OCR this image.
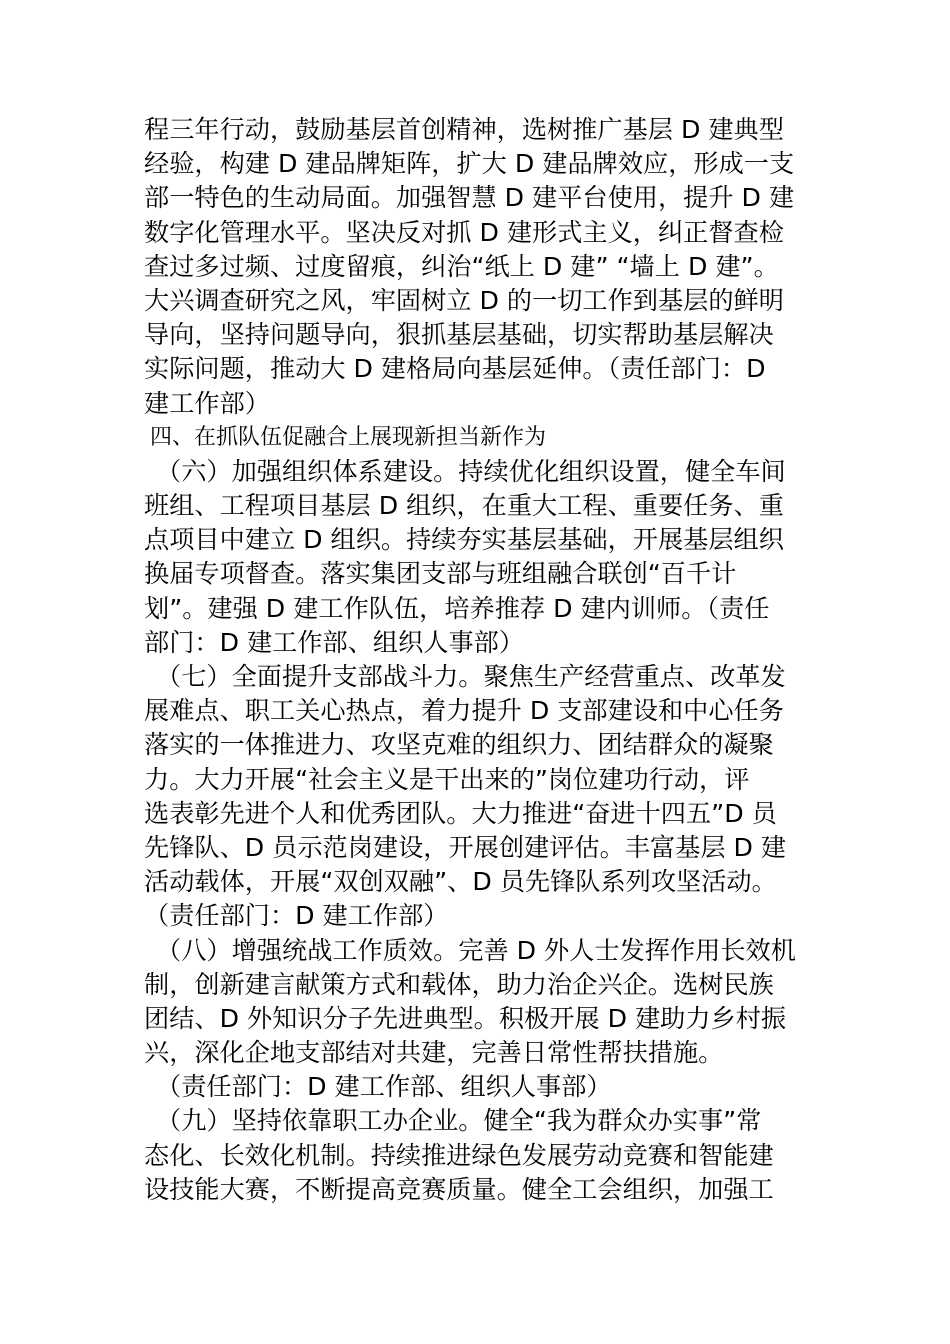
程三年行动，鼓励基层首创精神，选树推广基层 D 建典型
经验，构建 D 建品牌矩阵，扩大 D 建品牌效应，形成一支
部一特色的生动局面。加强智慧 D 建平台使用，提升 D 建
数字化管理水平。坚决反对抓 D 建形式主义，纠正督查检
查过多过频、过度留痕，纠治“纸上 D 建” “墙上 D 建”。
大兴调查研究之风，牢固树立 D 的一切工作到基层的鲜明
导向，坚持问题导向，狠抓基层基础，切实帮助基层解决
实际问题，推动大 D 建格局向基层延伸。（责任部门：D
建工作部）
四、在抓队伍促融合上展现新担当新作为
（六）加强组织体系建设。持续优化组织设置，健全车间
班组、工程项目基层 D 组织，在重大工程、重要任务、重
点项目中建立 D 组织。持续夯实基层基础，开展基层组织
换届专项督查。落实集团支部与班组融合联创“百千计
划”。建强 D 建工作队伍，培养推荐 D 建内训师。（责任
部门：D 建工作部、组织人事部）
（七）全面提升支部战斗力。聚焦生产经营重点、改革发
展难点、职工关心热点，着力提升 D 支部建设和中心任务
落实的一体推进力、攻坚克难的组织力、团结群众的凝聚
力。大力开展“社会主义是干出来的”岗位建功行动，评
选表彰先进个人和优秀团队。大力推进“奋进十四五”D 员
先锋队、D 员示范岗建设，开展创建评估。丰富基层 D 建
活动载体，开展“双创双融”、D 员先锋队系列攻坚活动。
（责任部门：D 建工作部）
（八）增强统战工作质效。完善 D 外人士发挥作用长效机
制，创新建言献策方式和载体，助力治企兴企。选树民族
团结、D 外知识分子先进典型。积极开展 D 建助力乡村振
兴，深化企地支部结对共建，完善日常性帮扶措施。
（责任部门：D 建工作部、组织人事部）
（九）坚持依靠职工办企业。健全“我为群众办实事”常
态化、长效化机制。持续推进绿色发展劳动竞赛和智能建
设技能大赛，不断提高竞赛质量。健全工会组织，加强工
